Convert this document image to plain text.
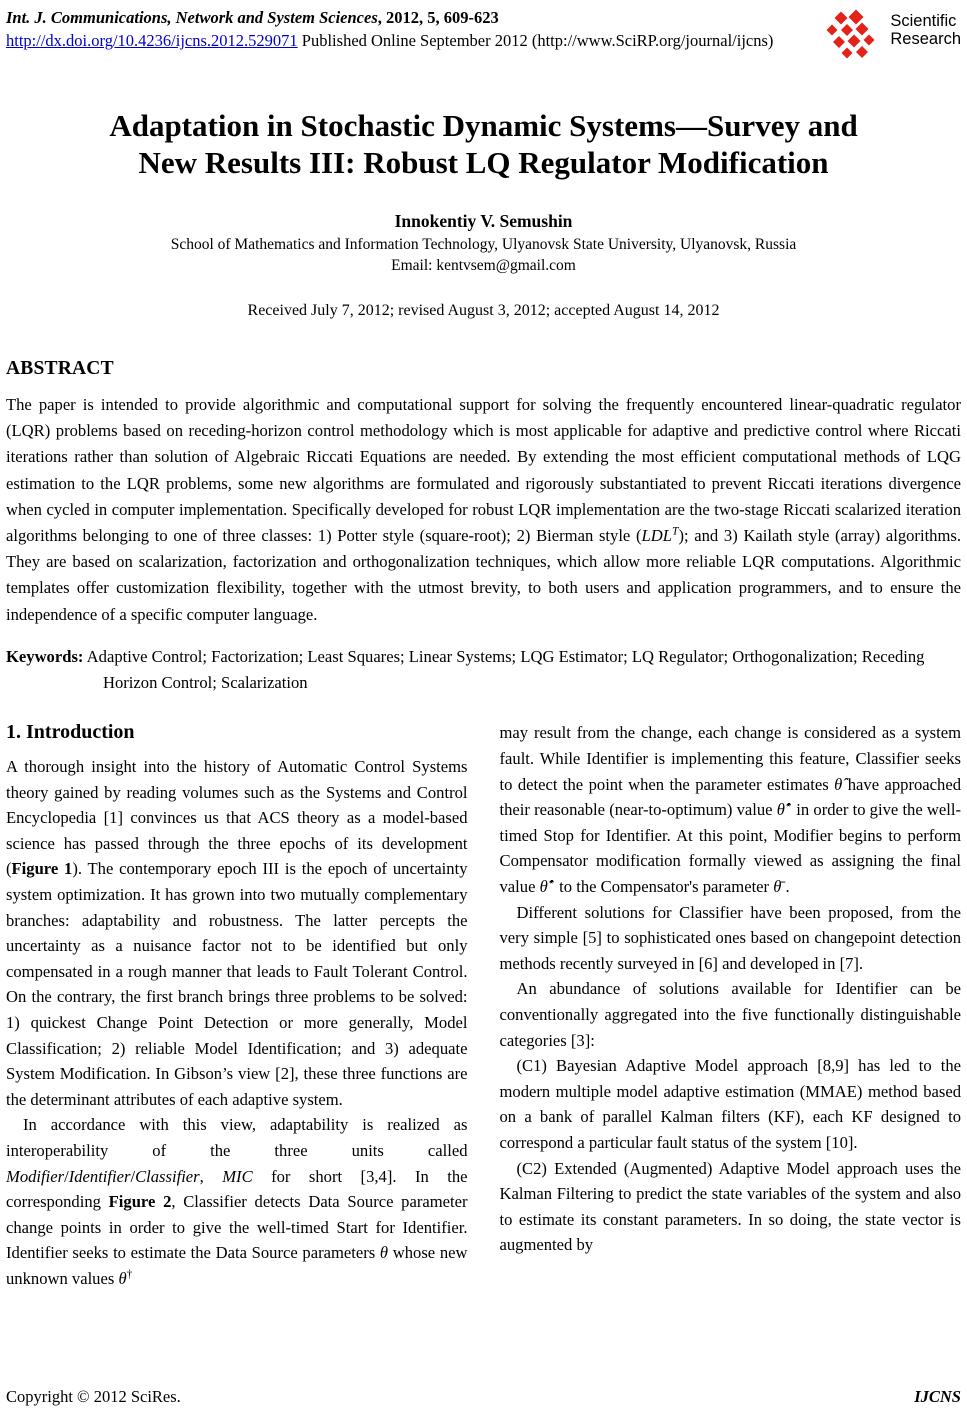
Int. J. Communications, Network and System Sciences, 2012, 5, 609-623
http://dx.doi.org/10.4236/ijcns.2012.529071 Published Online September 2012 (http://www.SciRP.org/journal/ijcns)
Scientific
Research
Adaptation in Stochastic Dynamic Systems—Survey and
New Results III: Robust LQ Regulator Modification
Innokentiy V. Semushin
School of Mathematics and Information Technology, Ulyanovsk State University, Ulyanovsk, Russia
Email: kentvsem@gmail.com
Received July 7, 2012; revised August 3, 2012; accepted August 14, 2012
ABSTRACT

The paper is intended to provide algorithmic and computational support for solving the frequently encountered linear-quadratic regulator (LQR) problems based on receding-horizon control methodology which is most applicable for adaptive and predictive control where Riccati iterations rather than solution of Algebraic Riccati Equations are needed. By extending the most efficient computational methods of LQG estimation to the LQR problems, some new algorithms are formulated and rigorously substantiated to prevent Riccati iterations divergence when cycled in computer implementation. Specifically developed for robust LQR implementation are the two-stage Riccati scalarized iteration algorithms belonging to one of three classes: 1) Potter style (square-root); 2) Bierman style $(LDL^T)$; and 3) Kailath style (array) algorithms. They are based on scalarization, factorization and orthogonalization techniques, which allow more reliable LQR computations. Algorithmic templates offer customization flexibility, together with the utmost brevity, to both users and application programmers, and to ensure the independence of a specific computer language.

Keywords: Adaptive Control; Factorization; Least Squares; Linear Systems; LQG Estimator; LQ Regulator; Orthogonalization; Receding Horizon Control; Scalarization

1. Introduction

A thorough insight into the history of Automatic Control Systems theory gained by reading volumes such as the Systems and Control Encyclopedia [1] convinces us that ACS theory as a model-based science has passed through the three epochs of its development (Figure 1). The contemporary epoch III is the epoch of uncertainty system optimization. It has grown into two mutually complementary branches: adaptability and robustness. The latter percepts the uncertainty as a nuisance factor not to be identified but only compensated in a rough manner that leads to Fault Tolerant Control. On the contrary, the first branch brings three problems to be solved: 1) quickest Change Point Detection or more generally, Model Classification; 2) reliable Model Identification; and 3) adequate System Modification. In Gibson’s view [2], these three functions are the determinant attributes of each adaptive system.

In accordance with this view, adaptability is realized as interoperability of the three units called Modifier/Identifier/Classifier, MIC for short [3,4]. In the corresponding Figure 2, Classifier detects Data Source parameter change points in order to give the well-timed Start for Identifier. Identifier seeks to estimate the Data Source parameters θ whose new unknown values θ†

may result from the change, each change is considered as a system fault. While Identifier is implementing this feature, Classifier seeks to detect the point when the parameter estimates θ̂ have approached their reasonable (near-to-optimum) value θ̂⋆ in order to give the well-timed Stop for Identifier. At this point, Modifier begins to perform Compensator modification formally viewed as assigning the final value θ̂⋆ to the Compensator's parameter θ̄ .

Different solutions for Classifier have been proposed, from the very simple [5] to sophisticated ones based on changepoint detection methods recently surveyed in [6] and developed in [7].

An abundance of solutions available for Identifier can be conventionally aggregated into the five functionally distinguishable categories [3]:

(C1) Bayesian Adaptive Model approach [8,9] has led to the modern multiple model adaptive estimation (MMAE) method based on a bank of parallel Kalman filters (KF), each KF designed to correspond a particular fault status of the system [10].

(C2) Extended (Augmented) Adaptive Model approach uses the Kalman Filtering to predict the state variables of the system and also to estimate its constant parameters. In so doing, the state vector is augmented by

Copyright © 2012 SciRes.	IJCNS
